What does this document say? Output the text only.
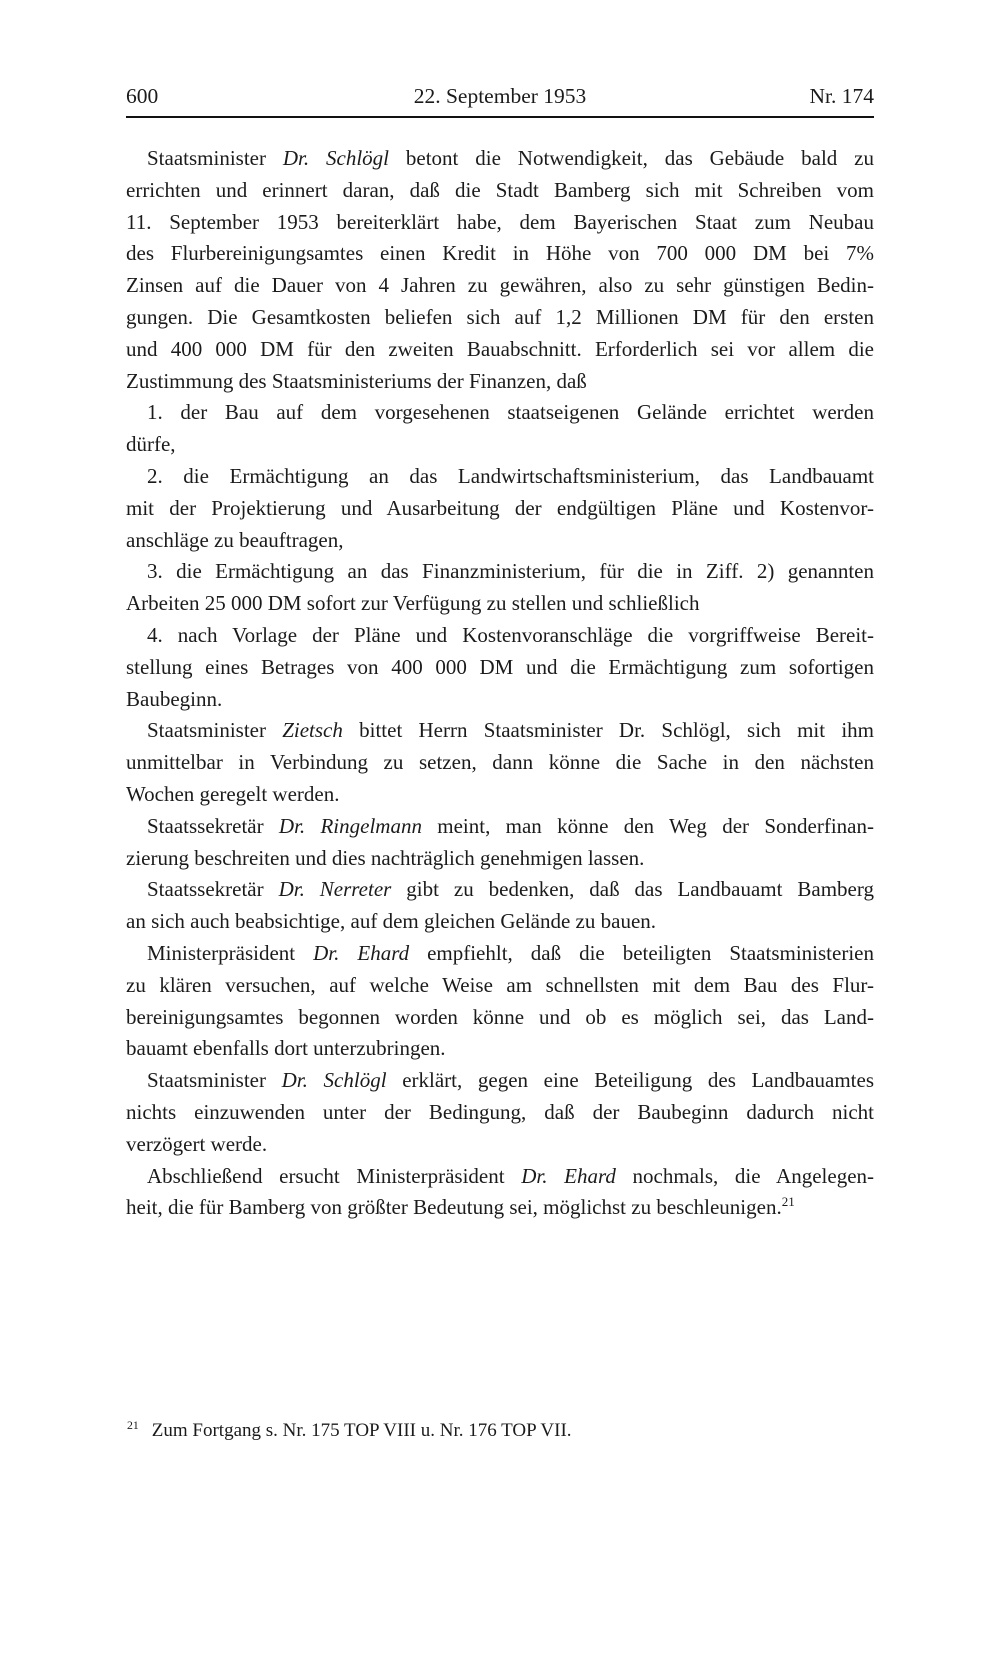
600	22. September 1953	Nr. 174

Staatsminister Dr. Schlögl betont die Notwendigkeit, das Gebäude bald zu
errichten und erinnert daran, daß die Stadt Bamberg sich mit Schreiben vom
11. September 1953 bereiterklärt habe, dem Bayerischen Staat zum Neubau
des Flurbereinigungsamtes einen Kredit in Höhe von 700 000 DM bei 7%
Zinsen auf die Dauer von 4 Jahren zu gewähren, also zu sehr günstigen Bedin-
gungen. Die Gesamtkosten beliefen sich auf 1,2 Millionen DM für den ersten
und 400 000 DM für den zweiten Bauabschnitt. Erforderlich sei vor allem die
Zustimmung des Staatsministeriums der Finanzen, daß

1. der Bau auf dem vorgesehenen staatseigenen Gelände errichtet werden
dürfe,

2. die Ermächtigung an das Landwirtschaftsministerium, das Landbauamt
mit der Projektierung und Ausarbeitung der endgültigen Pläne und Kostenvor-
anschläge zu beauftragen,

3. die Ermächtigung an das Finanzministerium, für die in Ziff. 2) genannten
Arbeiten 25 000 DM sofort zur Verfügung zu stellen und schließlich

4. nach Vorlage der Pläne und Kostenvoranschläge die vorgriffweise Bereit-
stellung eines Betrages von 400 000 DM und die Ermächtigung zum sofortigen
Baubeginn.

Staatsminister Zietsch bittet Herrn Staatsminister Dr. Schlögl, sich mit ihm
unmittelbar in Verbindung zu setzen, dann könne die Sache in den nächsten
Wochen geregelt werden.

Staatssekretär Dr. Ringelmann meint, man könne den Weg der Sonderfinan-
zierung beschreiten und dies nachträglich genehmigen lassen.

Staatssekretär Dr. Nerreter gibt zu bedenken, daß das Landbauamt Bamberg
an sich auch beabsichtige, auf dem gleichen Gelände zu bauen.

Ministerpräsident Dr. Ehard empfiehlt, daß die beteiligten Staatsministerien
zu klären versuchen, auf welche Weise am schnellsten mit dem Bau des Flur-
bereinigungsamtes begonnen worden könne und ob es möglich sei, das Land-
bauamt ebenfalls dort unterzubringen.

Staatsminister Dr. Schlögl erklärt, gegen eine Beteiligung des Landbauamtes
nichts einzuwenden unter der Bedingung, daß der Baubeginn dadurch nicht
verzögert werde.

Abschließend ersucht Ministerpräsident Dr. Ehard nochmals, die Angelegen-
heit, die für Bamberg von größter Bedeutung sei, möglichst zu beschleunigen.$^{21}$

$^{21}$ Zum Fortgang s. Nr. 175 TOP VIII u. Nr. 176 TOP VII.
